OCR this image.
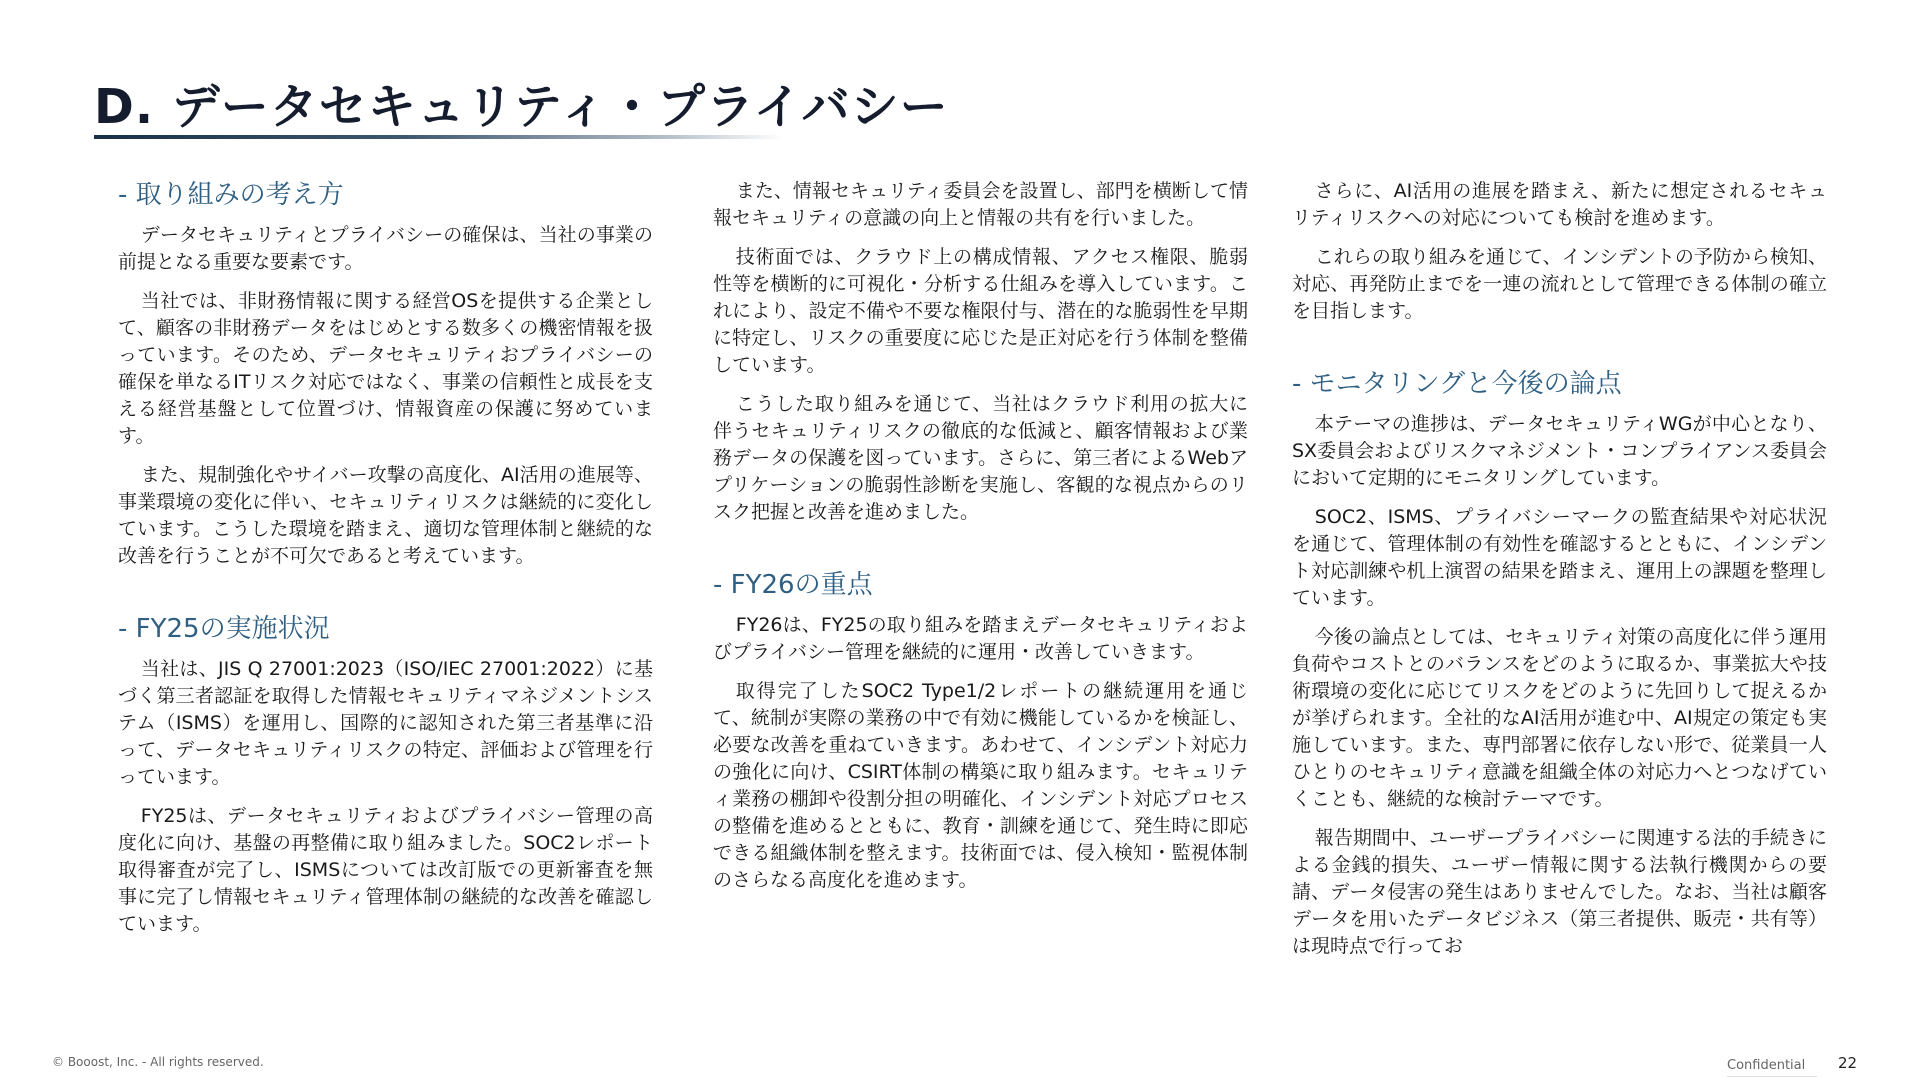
D. データセキュリティ・プライバシー
- 取り組みの考え方

データセキュリティとプライバシーの確保は、当社の事業の前提となる重要な要素です。

当社では、非財務情報に関する経営OSを提供する企業として、顧客の非財務データをはじめとする数多くの機密情報を扱っています。そのため、データセキュリティおプライバシーの確保を単なるITリスク対応ではなく、事業の信頼性と成長を支える経営基盤として位置づけ、情報資産の保護に努めています。

また、規制強化やサイバー攻撃の高度化、AI活用の進展等、事業環境の変化に伴い、セキュリティリスクは継続的に変化しています。こうした環境を踏まえ、適切な管理体制と継続的な改善を行うことが不可欠であると考えています。

- FY25の実施状況

当社は、JIS Q 27001:2023（ISO/IEC 27001:2022）に基づく第三者認証を取得した情報セキュリティマネジメントシステム（ISMS）を運用し、国際的に認知された第三者基準に沿って、データセキュリティリスクの特定、評価および管理を行っています。

FY25は、データセキュリティおよびプライバシー管理の高度化に向け、基盤の再整備に取り組みました。SOC2レポート取得審査が完了し、ISMSについては改訂版での更新審査を無事に完了し情報セキュリティ管理体制の継続的な改善を確認しています。

また、情報セキュリティ委員会を設置し、部門を横断して情報セキュリティの意識の向上と情報の共有を行いました。

技術面では、クラウド上の構成情報、アクセス権限、脆弱性等を横断的に可視化・分析する仕組みを導入しています。これにより、設定不備や不要な権限付与、潜在的な脆弱性を早期に特定し、リスクの重要度に応じた是正対応を行う体制を整備しています。

こうした取り組みを通じて、当社はクラウド利用の拡大に伴うセキュリティリスクの徹底的な低減と、顧客情報および業務データの保護を図っています。さらに、第三者によるWebアプリケーションの脆弱性診断を実施し、客観的な視点からのリスク把握と改善を進めました。

- FY26の重点

FY26は、FY25の取り組みを踏まえデータセキュリティおよびプライバシー管理を継続的に運用・改善していきます。

取得完了したSOC2 Type1/2レポートの継続運用を通じて、統制が実際の業務の中で有効に機能しているかを検証し、必要な改善を重ねていきます。あわせて、インシデント対応力の強化に向け、CSIRT体制の構築に取り組みます。セキュリティ業務の棚卸や役割分担の明確化、インシデント対応プロセスの整備を進めるとともに、教育・訓練を通じて、発生時に即応できる組織体制を整えます。技術面では、侵入検知・監視体制のさらなる高度化を進めます。

さらに、AI活用の進展を踏まえ、新たに想定されるセキュリティリスクへの対応についても検討を進めます。

これらの取り組みを通じて、インシデントの予防から検知、対応、再発防止までを一連の流れとして管理できる体制の確立を目指します。

- モニタリングと今後の論点

本テーマの進捗は、データセキュリティWGが中心となり、SX委員会およびリスクマネジメント・コンプライアンス委員会において定期的にモニタリングしています。

SOC2、ISMS、プライバシーマークの監査結果や対応状況を通じて、管理体制の有効性を確認するとともに、インシデント対応訓練や机上演習の結果を踏まえ、運用上の課題を整理しています。

今後の論点としては、セキュリティ対策の高度化に伴う運用負荷やコストとのバランスをどのように取るか、事業拡大や技術環境の変化に応じてリスクをどのように先回りして捉えるかが挙げられます。全社的なAI活用が進む中、AI規定の策定も実施しています。また、専門部署に依存しない形で、従業員一人ひとりのセキュリティ意識を組織全体の対応力へとつなげていくことも、継続的な検討テーマです。

報告期間中、ユーザープライバシーに関連する法的手続きによる金銭的損失、ユーザー情報に関する法執行機関からの要請、データ侵害の発生はありませんでした。なお、当社は顧客データを用いたデータビジネス（第三者提供、販売・共有等）は現時点で行ってお

© Booost, Inc. - All rights reserved.	Confidential 22
